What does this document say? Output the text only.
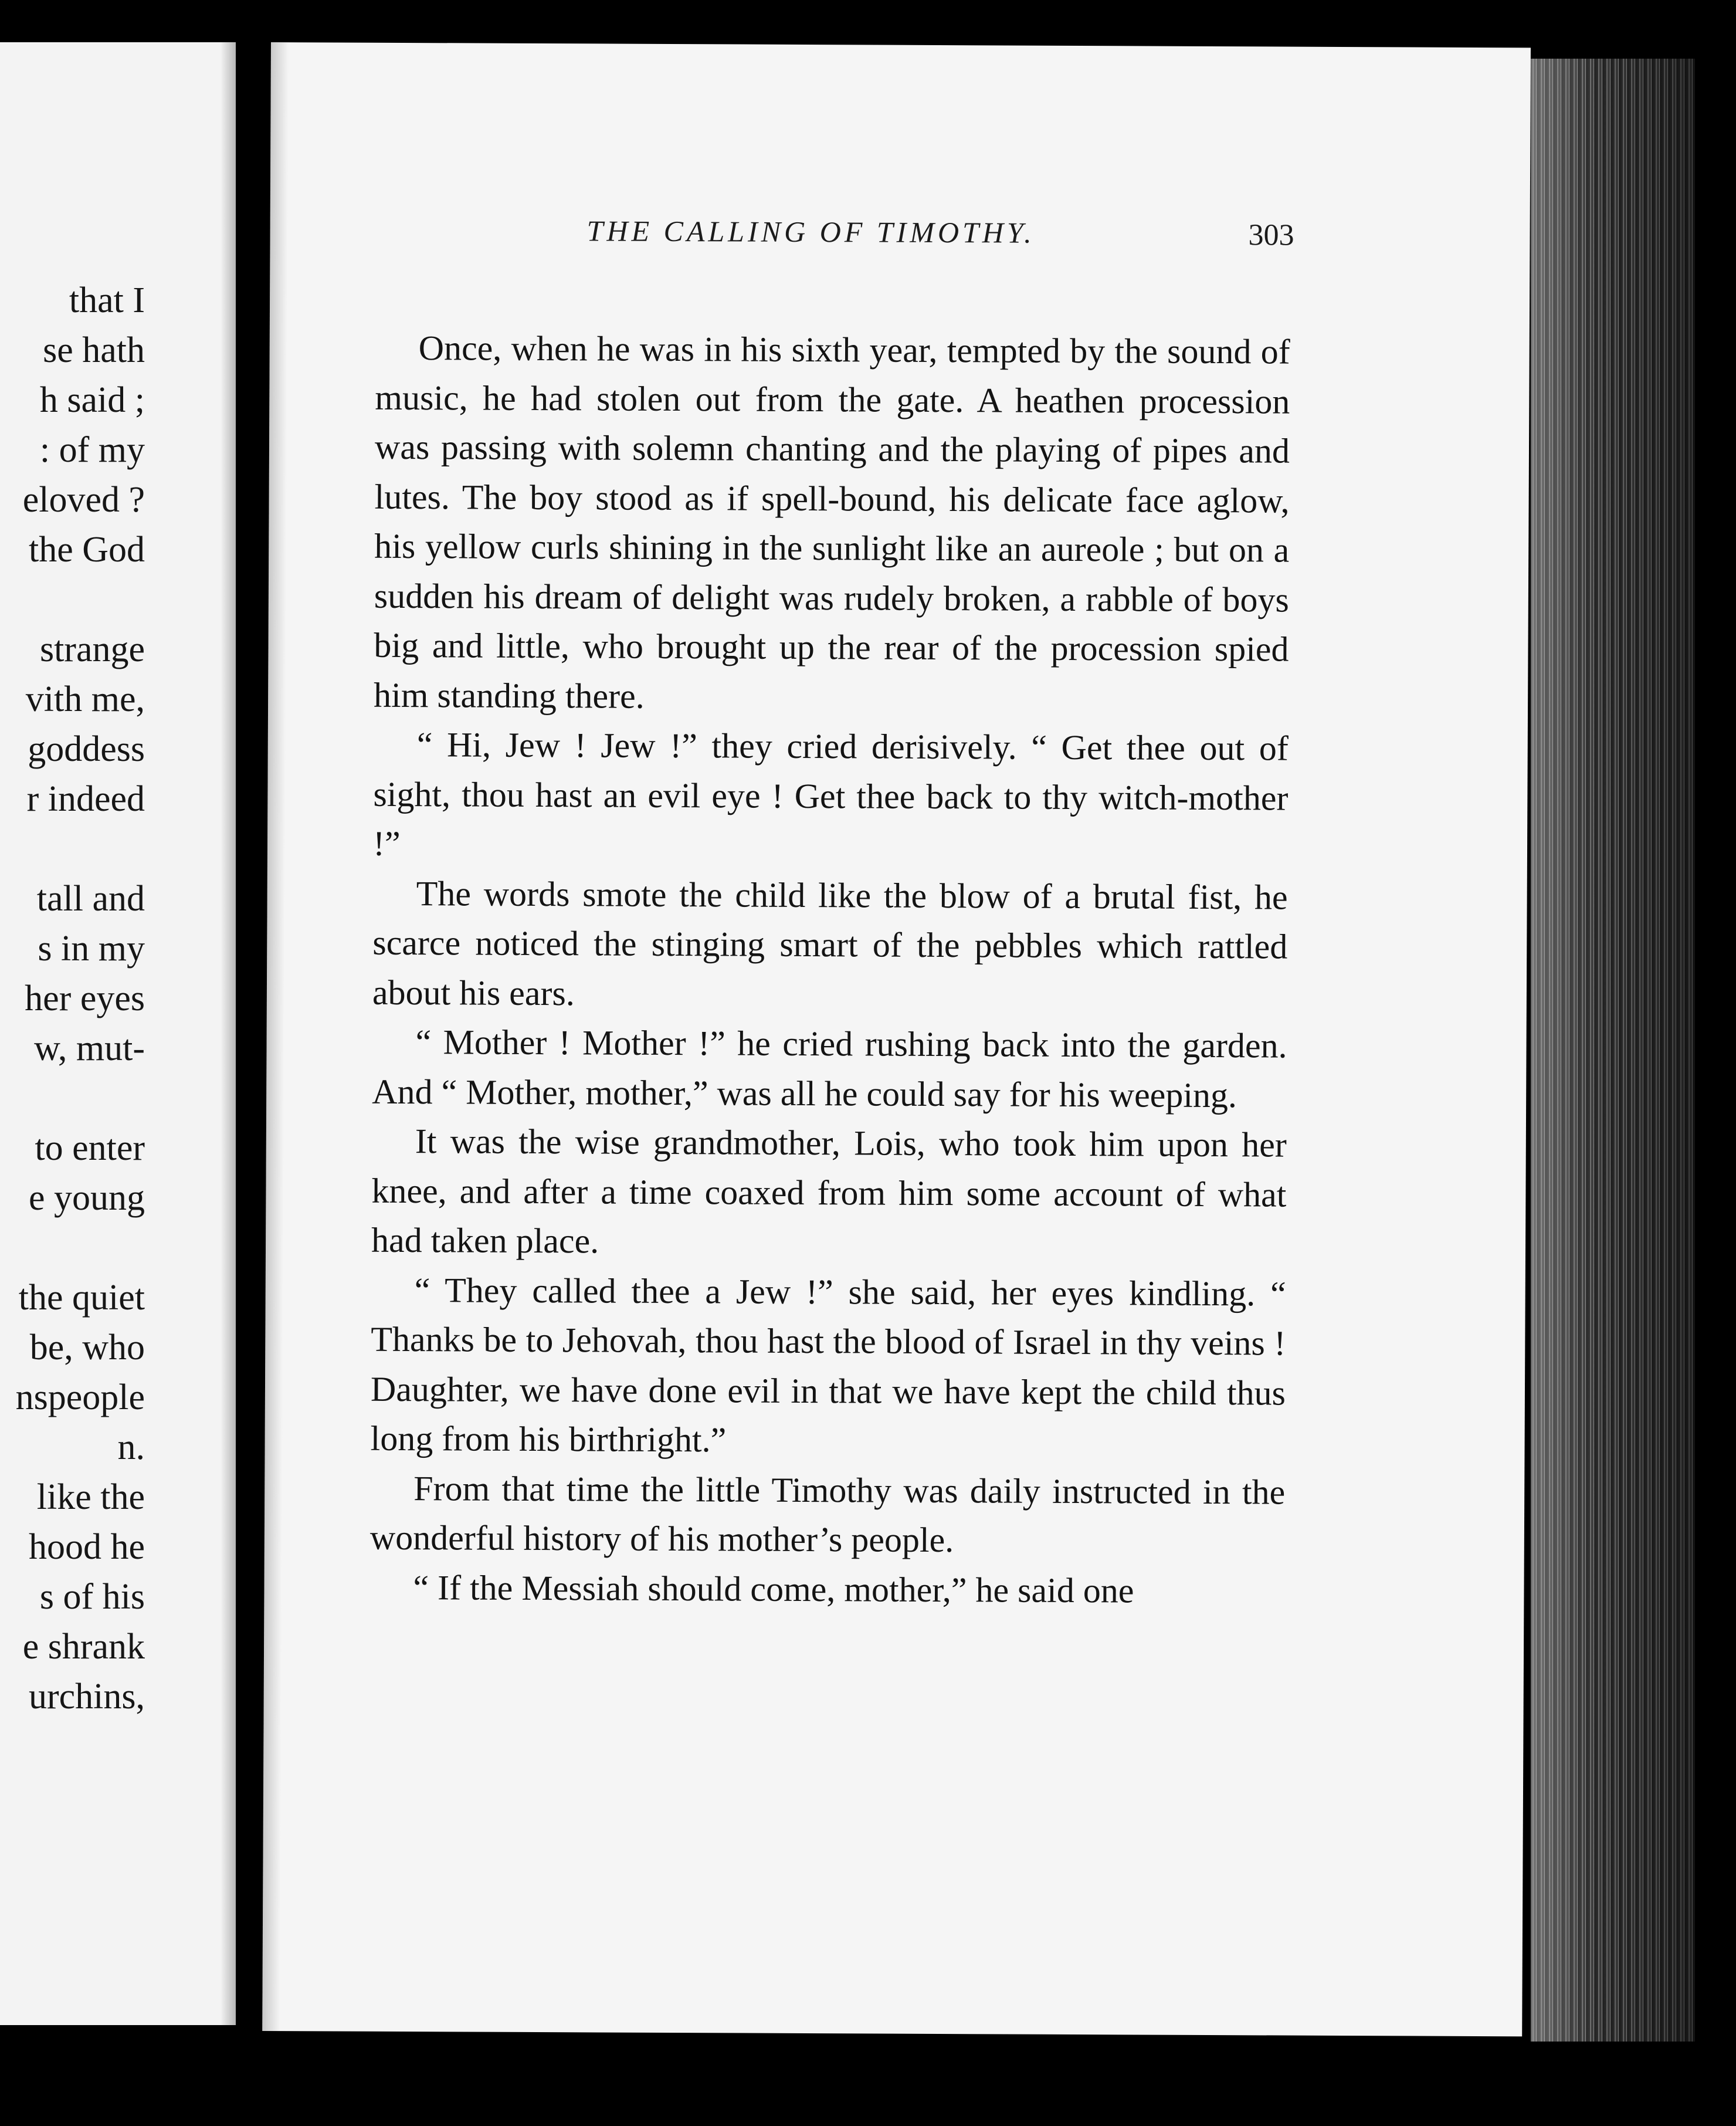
that I
se hath
h said ;
: of my
eloved ?
the God
strange
vith me,
goddess
r indeed
tall and
s in my
her eyes
w, mut-
to enter
e young
the quiet
be, who
nspeople
n.
like the
hood he
s of his
e shrank
urchins,
THE CALLING OF TIMOTHY.	303

Once, when he was in his sixth year, tempted by the sound of music, he had stolen out from the gate. A heathen procession was passing with solemn chanting and the playing of pipes and lutes. The boy stood as if spell-bound, his delicate face aglow, his yellow curls shining in the sunlight like an aureole ; but on a sudden his dream of delight was rudely broken, a rabble of boys big and little, who brought up the rear of the procession spied him standing there.

“ Hi, Jew ! Jew !” they cried derisively. “ Get thee out of sight, thou hast an evil eye ! Get thee back to thy witch-mother !”

The words smote the child like the blow of a brutal fist, he scarce noticed the stinging smart of the pebbles which rattled about his ears.

“ Mother ! Mother !” he cried rushing back into the garden. And “ Mother, mother,” was all he could say for his weeping.

It was the wise grandmother, Lois, who took him upon her knee, and after a time coaxed from him some account of what had taken place.

“ They called thee a Jew !” she said, her eyes kindling. “ Thanks be to Jehovah, thou hast the blood of Israel in thy veins ! Daughter, we have done evil in that we have kept the child thus long from his birthright.”

From that time the little Timothy was daily instructed in the wonderful history of his mother’s people.

“ If the Messiah should come, mother,” he said one
